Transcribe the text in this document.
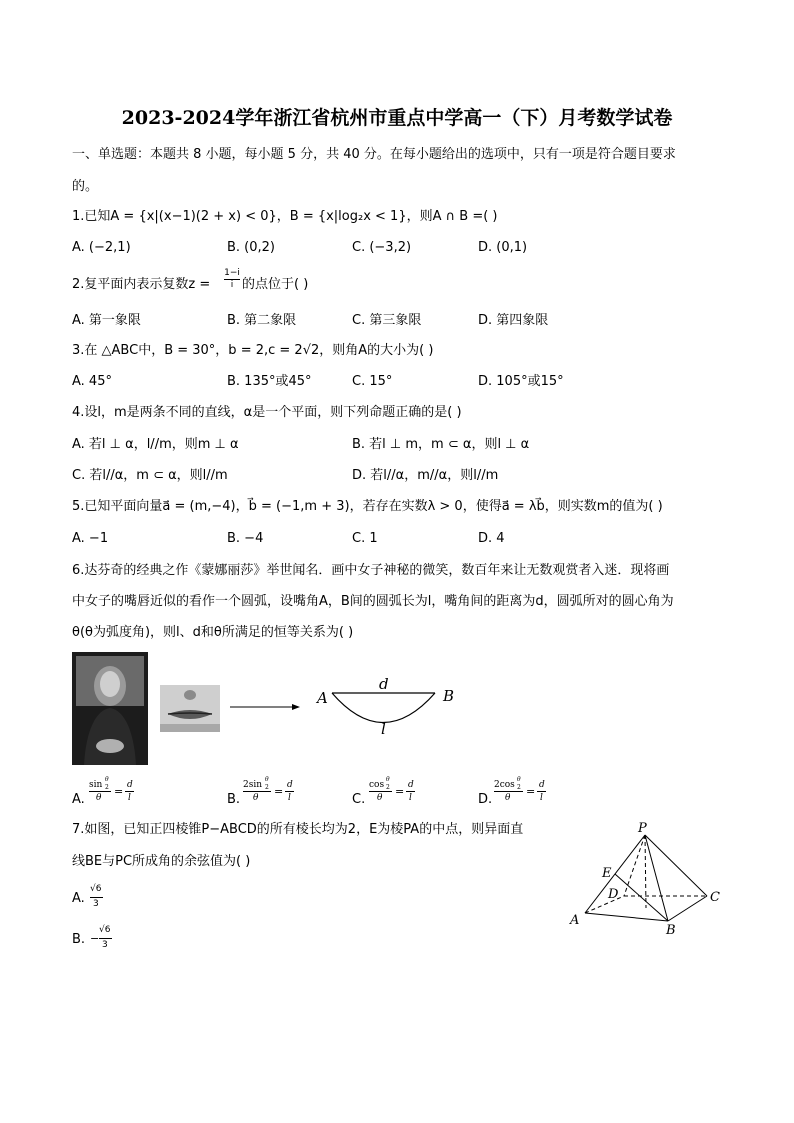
2023-2024学年浙江省杭州市重点中学高一（下）月考数学试卷
一、单选题：本题共 8 小题，每小题 5 分，共 40 分。在每小题给出的选项中，只有一项是符合题目要求
的。
1.已知A = {x|(x−1)(2 + x) < 0}，B = {x|log₂x < 1}，则A ∩ B =( )
A. (−2,1)	B. (0,2)	C. (−3,2)	D. (0,1)
2.复平面内表示复数$z = \frac{1-i}{i}$ 的点位于( )
A. 第一象限	B. 第二象限	C. 第三象限	D. 第四象限
3.在 △ABC中，B = 30°，b = 2,c = 2√2，则角A的大小为( )
A. 45°	B. 135°或45°	C. 15°	D. 105°或15°
4.设l，m是两条不同的直线，α是一个平面，则下列命题正确的是( )
A. 若l ⊥ α，l//m，则m ⊥ α	B. 若l ⊥ m，m ⊂ α，则l ⊥ α
C. 若l//α，m ⊂ α，则l//m	D. 若l//α，m//α，则l//m
5.已知平面向量a⃗ = (m,−4)，b⃗ = (−1,m + 3)，若存在实数λ > 0，使得a⃗ = λb⃗，则实数m的值为( )
A. −1	B. −4	C. 1	D. 4
6.达芬奇的经典之作《蒙娜丽莎》举世闻名．画中女子神秘的微笑，数百年来让无数观赏者入迷．现将画
中女子的嘴唇近似的看作一个圆弧，设嘴角A，B间的圆弧长为l，嘴角间的距离为d，圆弧所对的圆心角为
θ(θ为弧度角)，则l、d和θ所满足的恒等关系为( )
A	B
d
l
A.
sin
θ
2
θ = d
l	B.
2sin
θ
2
θ = d
l	C.
cos
θ
2
θ = d
l	D.
2cos
θ
2
θ = d
l
7.如图，已知正四棱锥P−ABCD的所有棱长均为2，E为棱PA的中点，则异面直
线BE与PC所成角的余弦值为( )
A.
√6
3
B. −
√6
3
P
E
D	C
A
B
